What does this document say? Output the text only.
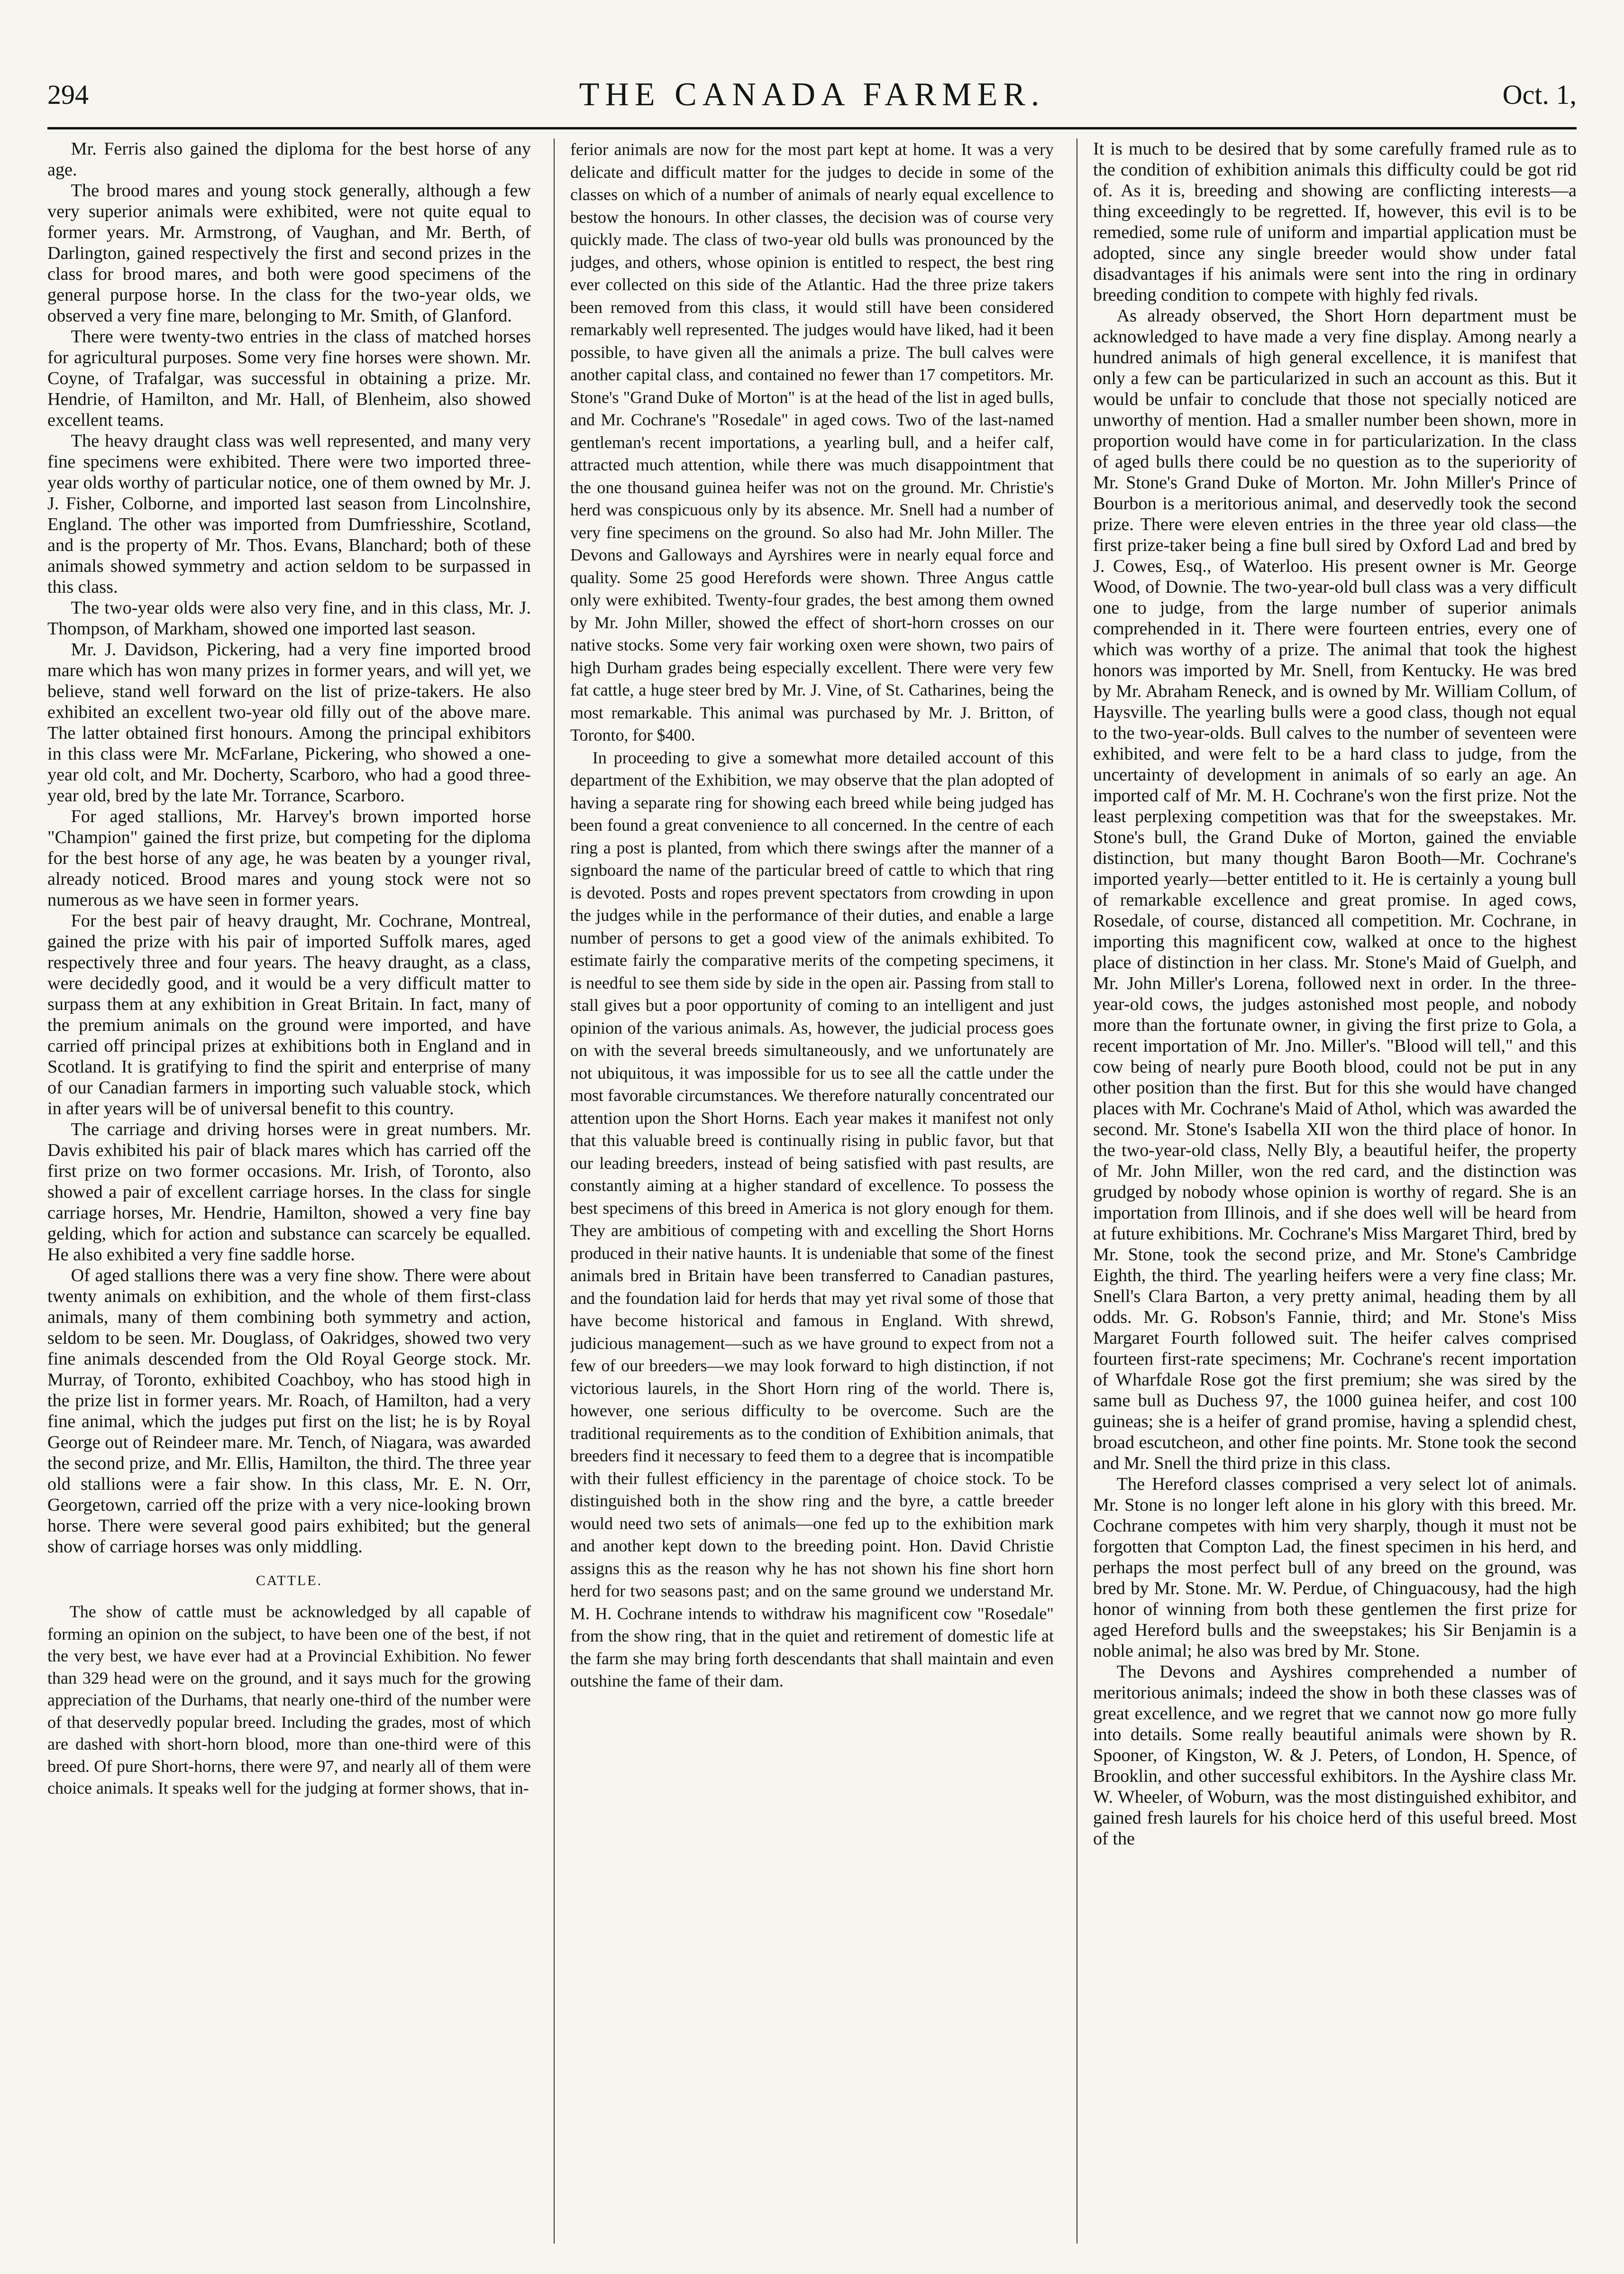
294	THE CANADA FARMER.	Oct. 1,

Mr. Ferris also gained the diploma for the best horse of any age.

The brood mares and young stock generally, although a few very superior animals were exhibited, were not quite equal to former years. Mr. Armstrong, of Vaughan, and Mr. Berth, of Darlington, gained respectively the first and second prizes in the class for brood mares, and both were good specimens of the general purpose horse. In the class for the two-year olds, we observed a very fine mare, belonging to Mr. Smith, of Glanford.

There were twenty-two entries in the class of matched horses for agricultural purposes. Some very fine horses were shown. Mr. Coyne, of Trafalgar, was successful in obtaining a prize. Mr. Hendrie, of Hamilton, and Mr. Hall, of Blenheim, also showed excellent teams.

The heavy draught class was well represented, and many very fine specimens were exhibited. There were two imported three-year olds worthy of particular notice, one of them owned by Mr. J. J. Fisher, Colborne, and imported last season from Lincolnshire, England. The other was imported from Dumfriesshire, Scotland, and is the property of Mr. Thos. Evans, Blanchard; both of these animals showed symmetry and action seldom to be surpassed in this class.

The two-year olds were also very fine, and in this class, Mr. J. Thompson, of Markham, showed one imported last season.

Mr. J. Davidson, Pickering, had a very fine imported brood mare which has won many prizes in former years, and will yet, we believe, stand well forward on the list of prize-takers. He also exhibited an excellent two-year old filly out of the above mare. The latter obtained first honours. Among the principal exhibitors in this class were Mr. McFarlane, Pickering, who showed a one-year old colt, and Mr. Docherty, Scarboro, who had a good three-year old, bred by the late Mr. Torrance, Scarboro.

For aged stallions, Mr. Harvey's brown imported horse "Champion" gained the first prize, but competing for the diploma for the best horse of any age, he was beaten by a younger rival, already noticed. Brood mares and young stock were not so numerous as we have seen in former years.

For the best pair of heavy draught, Mr. Cochrane, Montreal, gained the prize with his pair of imported Suffolk mares, aged respectively three and four years. The heavy draught, as a class, were decidedly good, and it would be a very difficult matter to surpass them at any exhibition in Great Britain. In fact, many of the premium animals on the ground were imported, and have carried off principal prizes at exhibitions both in England and in Scotland. It is gratifying to find the spirit and enterprise of many of our Canadian farmers in importing such valuable stock, which in after years will be of universal benefit to this country.

The carriage and driving horses were in great numbers. Mr. Davis exhibited his pair of black mares which has carried off the first prize on two former occasions. Mr. Irish, of Toronto, also showed a pair of excellent carriage horses. In the class for single carriage horses, Mr. Hendrie, Hamilton, showed a very fine bay gelding, which for action and substance can scarcely be equalled. He also exhibited a very fine saddle horse.

Of aged stallions there was a very fine show. There were about twenty animals on exhibition, and the whole of them first-class animals, many of them combining both symmetry and action, seldom to be seen. Mr. Douglass, of Oakridges, showed two very fine animals descended from the Old Royal George stock. Mr. Murray, of Toronto, exhibited Coachboy, who has stood high in the prize list in former years. Mr. Roach, of Hamilton, had a very fine animal, which the judges put first on the list; he is by Royal George out of Reindeer mare. Mr. Tench, of Niagara, was awarded the second prize, and Mr. Ellis, Hamilton, the third. The three year old stallions were a fair show. In this class, Mr. E. N. Orr, Georgetown, carried off the prize with a very nice-looking brown horse. There were several good pairs exhibited; but the general show of carriage horses was only middling.

CATTLE.

The show of cattle must be acknowledged by all capable of forming an opinion on the subject, to have been one of the best, if not the very best, we have ever had at a Provincial Exhibition. No fewer than 329 head were on the ground, and it says much for the growing appreciation of the Durhams, that nearly one-third of the number were of that deservedly popular breed. Including the grades, most of which are dashed with short-horn blood, more than one-third were of this breed. Of pure Short-horns, there were 97, and nearly all of them were choice animals. It speaks well for the judging at former shows, that in-

ferior animals are now for the most part kept at home. It was a very delicate and difficult matter for the judges to decide in some of the classes on which of a number of animals of nearly equal excellence to bestow the honours. In other classes, the decision was of course very quickly made. The class of two-year old bulls was pronounced by the judges, and others, whose opinion is entitled to respect, the best ring ever collected on this side of the Atlantic. Had the three prize takers been removed from this class, it would still have been considered remarkably well represented. The judges would have liked, had it been possible, to have given all the animals a prize. The bull calves were another capital class, and contained no fewer than 17 competitors. Mr. Stone's "Grand Duke of Morton" is at the head of the list in aged bulls, and Mr. Cochrane's "Rosedale" in aged cows. Two of the last-named gentleman's recent importations, a yearling bull, and a heifer calf, attracted much attention, while there was much disappointment that the one thousand guinea heifer was not on the ground. Mr. Christie's herd was conspicuous only by its absence. Mr. Snell had a number of very fine specimens on the ground. So also had Mr. John Miller. The Devons and Galloways and Ayrshires were in nearly equal force and quality. Some 25 good Herefords were shown. Three Angus cattle only were exhibited. Twenty-four grades, the best among them owned by Mr. John Miller, showed the effect of short-horn crosses on our native stocks. Some very fair working oxen were shown, two pairs of high Durham grades being especially excellent. There were very few fat cattle, a huge steer bred by Mr. J. Vine, of St. Catharines, being the most remarkable. This animal was purchased by Mr. J. Britton, of Toronto, for $400.

In proceeding to give a somewhat more detailed account of this department of the Exhibition, we may observe that the plan adopted of having a separate ring for showing each breed while being judged has been found a great convenience to all concerned. In the centre of each ring a post is planted, from which there swings after the manner of a signboard the name of the particular breed of cattle to which that ring is devoted. Posts and ropes prevent spectators from crowding in upon the judges while in the performance of their duties, and enable a large number of persons to get a good view of the animals exhibited. To estimate fairly the comparative merits of the competing specimens, it is needful to see them side by side in the open air. Passing from stall to stall gives but a poor opportunity of coming to an intelligent and just opinion of the various animals. As, however, the judicial process goes on with the several breeds simultaneously, and we unfortunately are not ubiquitous, it was impossible for us to see all the cattle under the most favorable circumstances. We therefore naturally concentrated our attention upon the Short Horns. Each year makes it manifest not only that this valuable breed is continually rising in public favor, but that our leading breeders, instead of being satisfied with past results, are constantly aiming at a higher standard of excellence. To possess the best specimens of this breed in America is not glory enough for them. They are ambitious of competing with and excelling the Short Horns produced in their native haunts. It is undeniable that some of the finest animals bred in Britain have been transferred to Canadian pastures, and the foundation laid for herds that may yet rival some of those that have become historical and famous in England. With shrewd, judicious management—such as we have ground to expect from not a few of our breeders—we may look forward to high distinction, if not victorious laurels, in the Short Horn ring of the world. There is, however, one serious difficulty to be overcome. Such are the traditional requirements as to the condition of Exhibition animals, that breeders find it necessary to feed them to a degree that is incompatible with their fullest efficiency in the parentage of choice stock. To be distinguished both in the show ring and the byre, a cattle breeder would need two sets of animals—one fed up to the exhibition mark and another kept down to the breeding point. Hon. David Christie assigns this as the reason why he has not shown his fine short horn herd for two seasons past; and on the same ground we understand Mr. M. H. Cochrane intends to withdraw his magnificent cow "Rosedale" from the show ring, that in the quiet and retirement of domestic life at the farm she may bring forth descendants that shall maintain and even outshine the fame of their dam.

It is much to be desired that by some carefully framed rule as to the condition of exhibition animals this difficulty could be got rid of. As it is, breeding and showing are conflicting interests—a thing exceedingly to be regretted. If, however, this evil is to be remedied, some rule of uniform and impartial application must be adopted, since any single breeder would show under fatal disadvantages if his animals were sent into the ring in ordinary breeding condition to compete with highly fed rivals.

As already observed, the Short Horn department must be acknowledged to have made a very fine display. Among nearly a hundred animals of high general excellence, it is manifest that only a few can be particularized in such an account as this. But it would be unfair to conclude that those not specially noticed are unworthy of mention. Had a smaller number been shown, more in proportion would have come in for particularization. In the class of aged bulls there could be no question as to the superiority of Mr. Stone's Grand Duke of Morton. Mr. John Miller's Prince of Bourbon is a meritorious animal, and deservedly took the second prize. There were eleven entries in the three year old class—the first prize-taker being a fine bull sired by Oxford Lad and bred by J. Cowes, Esq., of Waterloo. His present owner is Mr. George Wood, of Downie. The two-year-old bull class was a very difficult one to judge, from the large number of superior animals comprehended in it. There were fourteen entries, every one of which was worthy of a prize. The animal that took the highest honors was imported by Mr. Snell, from Kentucky. He was bred by Mr. Abraham Reneck, and is owned by Mr. William Collum, of Haysville. The yearling bulls were a good class, though not equal to the two-year-olds. Bull calves to the number of seventeen were exhibited, and were felt to be a hard class to judge, from the uncertainty of development in animals of so early an age. An imported calf of Mr. M. H. Cochrane's won the first prize. Not the least perplexing competition was that for the sweepstakes. Mr. Stone's bull, the Grand Duke of Morton, gained the enviable distinction, but many thought Baron Booth—Mr. Cochrane's imported yearly—better entitled to it. He is certainly a young bull of remarkable excellence and great promise. In aged cows, Rosedale, of course, distanced all competition. Mr. Cochrane, in importing this magnificent cow, walked at once to the highest place of distinction in her class. Mr. Stone's Maid of Guelph, and Mr. John Miller's Lorena, followed next in order. In the three-year-old cows, the judges astonished most people, and nobody more than the fortunate owner, in giving the first prize to Gola, a recent importation of Mr. Jno. Miller's. "Blood will tell," and this cow being of nearly pure Booth blood, could not be put in any other position than the first. But for this she would have changed places with Mr. Cochrane's Maid of Athol, which was awarded the second. Mr. Stone's Isabella XII won the third place of honor. In the two-year-old class, Nelly Bly, a beautiful heifer, the property of Mr. John Miller, won the red card, and the distinction was grudged by nobody whose opinion is worthy of regard. She is an importation from Illinois, and if she does well will be heard from at future exhibitions. Mr. Cochrane's Miss Margaret Third, bred by Mr. Stone, took the second prize, and Mr. Stone's Cambridge Eighth, the third. The yearling heifers were a very fine class; Mr. Snell's Clara Barton, a very pretty animal, heading them by all odds. Mr. G. Robson's Fannie, third; and Mr. Stone's Miss Margaret Fourth followed suit. The heifer calves comprised fourteen first-rate specimens; Mr. Cochrane's recent importation of Wharfdale Rose got the first premium; she was sired by the same bull as Duchess 97, the 1000 guinea heifer, and cost 100 guineas; she is a heifer of grand promise, having a splendid chest, broad escutcheon, and other fine points. Mr. Stone took the second and Mr. Snell the third prize in this class.

The Hereford classes comprised a very select lot of animals. Mr. Stone is no longer left alone in his glory with this breed. Mr. Cochrane competes with him very sharply, though it must not be forgotten that Compton Lad, the finest specimen in his herd, and perhaps the most perfect bull of any breed on the ground, was bred by Mr. Stone. Mr. W. Perdue, of Chinguacousy, had the high honor of winning from both these gentlemen the first prize for aged Hereford bulls and the sweepstakes; his Sir Benjamin is a noble animal; he also was bred by Mr. Stone.

The Devons and Ayshires comprehended a number of meritorious animals; indeed the show in both these classes was of great excellence, and we regret that we cannot now go more fully into details. Some really beautiful animals were shown by R. Spooner, of Kingston, W. & J. Peters, of London, H. Spence, of Brooklin, and other successful exhibitors. In the Ayshire class Mr. W. Wheeler, of Woburn, was the most distinguished exhibitor, and gained fresh laurels for his choice herd of this useful breed. Most of the
